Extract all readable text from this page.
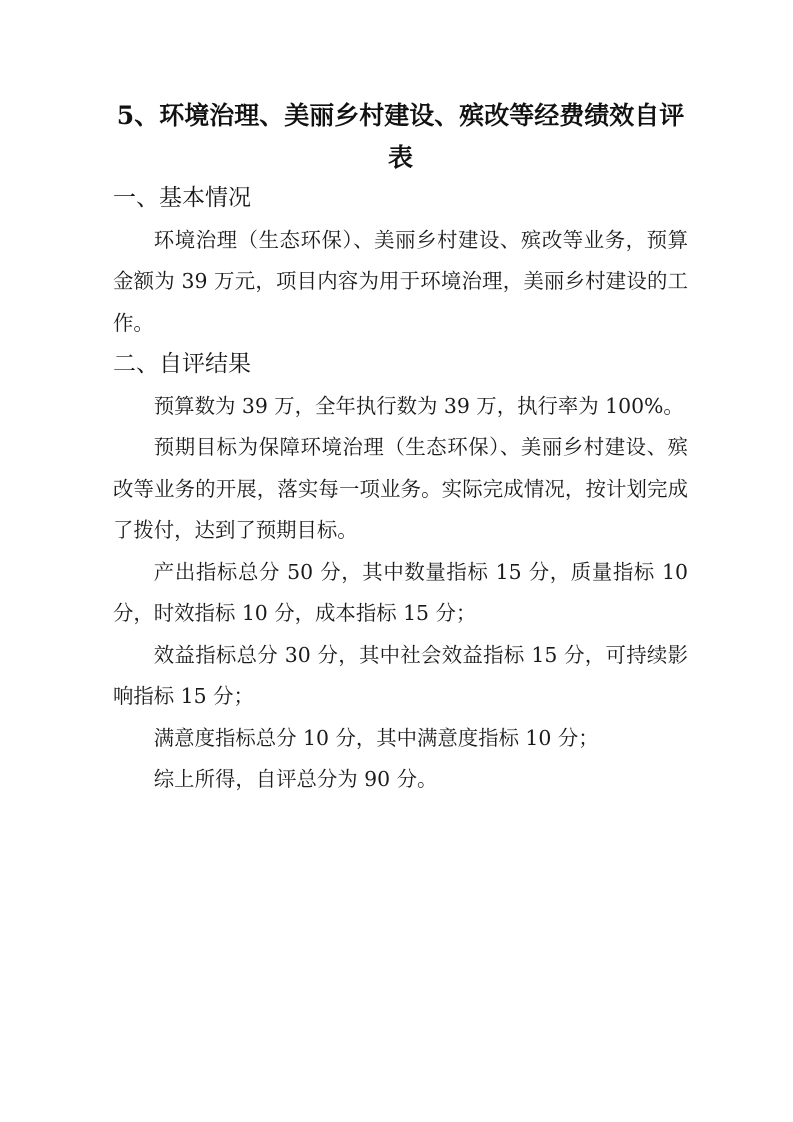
5、环境治理、美丽乡村建设、殡改等经费绩效自评表
一、基本情况

环境治理（生态环保）、美丽乡村建设、殡改等业务，预算金额为 39 万元，项目内容为用于环境治理，美丽乡村建设的工作。

二、自评结果

预算数为 39 万，全年执行数为 39 万，执行率为 100%。

预期目标为保障环境治理（生态环保）、美丽乡村建设、殡改等业务的开展，落实每一项业务。实际完成情况，按计划完成了拨付，达到了预期目标。

产出指标总分 50 分，其中数量指标 15 分，质量指标 10 分，时效指标 10 分，成本指标 15 分；

效益指标总分 30 分，其中社会效益指标 15 分，可持续影响指标 15 分；

满意度指标总分 10 分，其中满意度指标 10 分；

综上所得，自评总分为 90 分。
